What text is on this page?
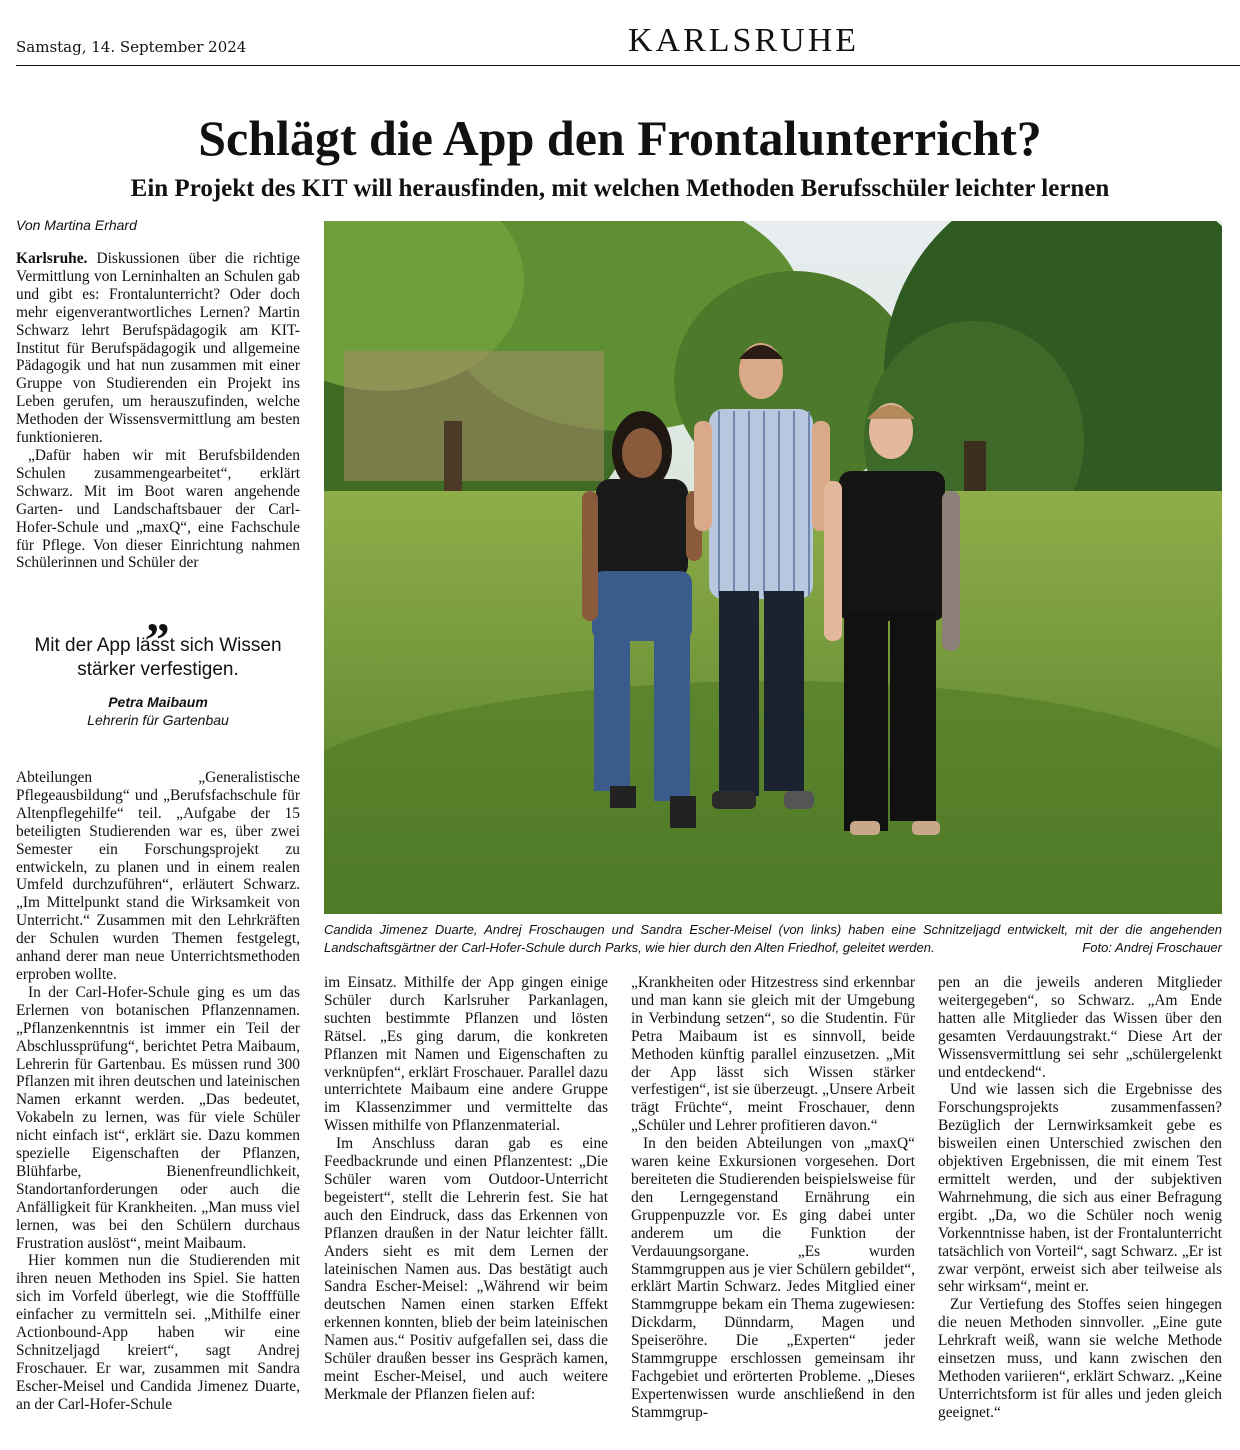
Samstag, 14. September 2024	KARLSRUHE
Schlägt die App den Frontalunterricht?
Ein Projekt des KIT will herausfinden, mit welchen Methoden Berufsschüler leichter lernen
Von Martina Erhard

Karlsruhe. Diskussionen über die richtige Vermittlung von Lerninhalten an Schulen gab und gibt es: Frontalunterricht? Oder doch mehr eigenverantwortliches Lernen? Martin Schwarz lehrt Berufspädagogik am KIT-Institut für Berufspädagogik und allgemeine Pädagogik und hat nun zusammen mit einer Gruppe von Studierenden ein Projekt ins Leben gerufen, um herauszufinden, welche Methoden der Wissensvermittlung am besten funktionieren.

„Dafür haben wir mit Berufsbildenden Schulen zusammengearbeitet“, erklärt Schwarz. Mit im Boot waren angehende Garten- und Landschaftsbauer der Carl-Hofer-Schule und „maxQ“, eine Fachschule für Pflege. Von dieser Einrichtung nahmen Schülerinnen und Schüler der

„
Mit der App lässt sich Wissen stärker verfestigen.
Petra Maibaum
Lehrerin für Gartenbau

Abteilungen „Generalistische Pflegeausbildung“ und „Berufsfachschule für Altenpflegehilfe“ teil. „Aufgabe der 15 beteiligten Studierenden war es, über zwei Semester ein Forschungsprojekt zu entwickeln, zu planen und in einem realen Umfeld durchzuführen“, erläutert Schwarz. „Im Mittelpunkt stand die Wirksamkeit von Unterricht.“ Zusammen mit den Lehrkräften der Schulen wurden Themen festgelegt, anhand derer man neue Unterrichtsmethoden erproben wollte.

In der Carl-Hofer-Schule ging es um das Erlernen von botanischen Pflanzennamen. „Pflanzenkenntnis ist immer ein Teil der Abschlussprüfung“, berichtet Petra Maibaum, Lehrerin für Gartenbau. Es müssen rund 300 Pflanzen mit ihren deutschen und lateinischen Namen erkannt werden. „Das bedeutet, Vokabeln zu lernen, was für viele Schüler nicht einfach ist“, erklärt sie. Dazu kommen spezielle Eigenschaften der Pflanzen, Blühfarbe, Bienenfreundlichkeit, Standortanforderungen oder auch die Anfälligkeit für Krankheiten. „Man muss viel lernen, was bei den Schülern durchaus Frustration auslöst“, meint Maibaum.

Hier kommen nun die Studierenden mit ihren neuen Methoden ins Spiel. Sie hatten sich im Vorfeld überlegt, wie die Stofffülle einfacher zu vermitteln sei. „Mithilfe einer Actionbound-App haben wir eine Schnitzeljagd kreiert“, sagt Andrej Froschauer. Er war, zusammen mit Sandra Escher-Meisel und Candida Jimenez Duarte, an der Carl-Hofer-Schule

Candida Jimenez Duarte, Andrej Froschaugen und Sandra Escher-Meisel (von links) haben eine Schnitzeljagd entwickelt, mit der die angehenden Landschaftsgärtner der Carl-Hofer-Schule durch Parks, wie hier durch den Alten Friedhof, geleitet werden.	Foto: Andrej Froschauer

im Einsatz. Mithilfe der App gingen einige Schüler durch Karlsruher Parkanlagen, suchten bestimmte Pflanzen und lösten Rätsel. „Es ging darum, die konkreten Pflanzen mit Namen und Eigenschaften zu verknüpfen“, erklärt Froschauer. Parallel dazu unterrichtete Maibaum eine andere Gruppe im Klassenzimmer und vermittelte das Wissen mithilfe von Pflanzenmaterial.

Im Anschluss daran gab es eine Feedbackrunde und einen Pflanzentest: „Die Schüler waren vom Outdoor-Unterricht begeistert“, stellt die Lehrerin fest. Sie hat auch den Eindruck, dass das Erkennen von Pflanzen draußen in der Natur leichter fällt. Anders sieht es mit dem Lernen der lateinischen Namen aus. Das bestätigt auch Sandra Escher-Meisel: „Während wir beim deutschen Namen einen starken Effekt erkennen konnten, blieb der beim lateinischen Namen aus.“ Positiv aufgefallen sei, dass die Schüler draußen besser ins Gespräch kamen, meint Escher-Meisel, und auch weitere Merkmale der Pflanzen fielen auf:

„Krankheiten oder Hitzestress sind erkennbar und man kann sie gleich mit der Umgebung in Verbindung setzen“, so die Studentin. Für Petra Maibaum ist es sinnvoll, beide Methoden künftig parallel einzusetzen. „Mit der App lässt sich Wissen stärker verfestigen“, ist sie überzeugt. „Unsere Arbeit trägt Früchte“, meint Froschauer, denn „Schüler und Lehrer profitieren davon.“

In den beiden Abteilungen von „maxQ“ waren keine Exkursionen vorgesehen. Dort bereiteten die Studierenden beispielsweise für den Lerngegenstand Ernährung ein Gruppenpuzzle vor. Es ging dabei unter anderem um die Funktion der Verdauungsorgane. „Es wurden Stammgruppen aus je vier Schülern gebildet“, erklärt Martin Schwarz. Jedes Mitglied einer Stammgruppe bekam ein Thema zugewiesen: Dickdarm, Dünndarm, Magen und Speiseröhre. Die „Experten“ jeder Stammgruppe erschlossen gemeinsam ihr Fachgebiet und erörterten Probleme. „Dieses Expertenwissen wurde anschließend in den Stammgrup-

pen an die jeweils anderen Mitglieder weitergegeben“, so Schwarz. „Am Ende hatten alle Mitglieder das Wissen über den gesamten Verdauungstrakt.“ Diese Art der Wissensvermittlung sei sehr „schülergelenkt und entdeckend“.

Und wie lassen sich die Ergebnisse des Forschungsprojekts zusammenfassen? Bezüglich der Lernwirksamkeit gebe es bisweilen einen Unterschied zwischen den objektiven Ergebnissen, die mit einem Test ermittelt werden, und der subjektiven Wahrnehmung, die sich aus einer Befragung ergibt. „Da, wo die Schüler noch wenig Vorkenntnisse haben, ist der Frontalunterricht tatsächlich von Vorteil“, sagt Schwarz. „Er ist zwar verpönt, erweist sich aber teilweise als sehr wirksam“, meint er.

Zur Vertiefung des Stoffes seien hingegen die neuen Methoden sinnvoller. „Eine gute Lehrkraft weiß, wann sie welche Methode einsetzen muss, und kann zwischen den Methoden variieren“, erklärt Schwarz. „Keine Unterrichtsform ist für alles und jeden gleich geeignet.“
